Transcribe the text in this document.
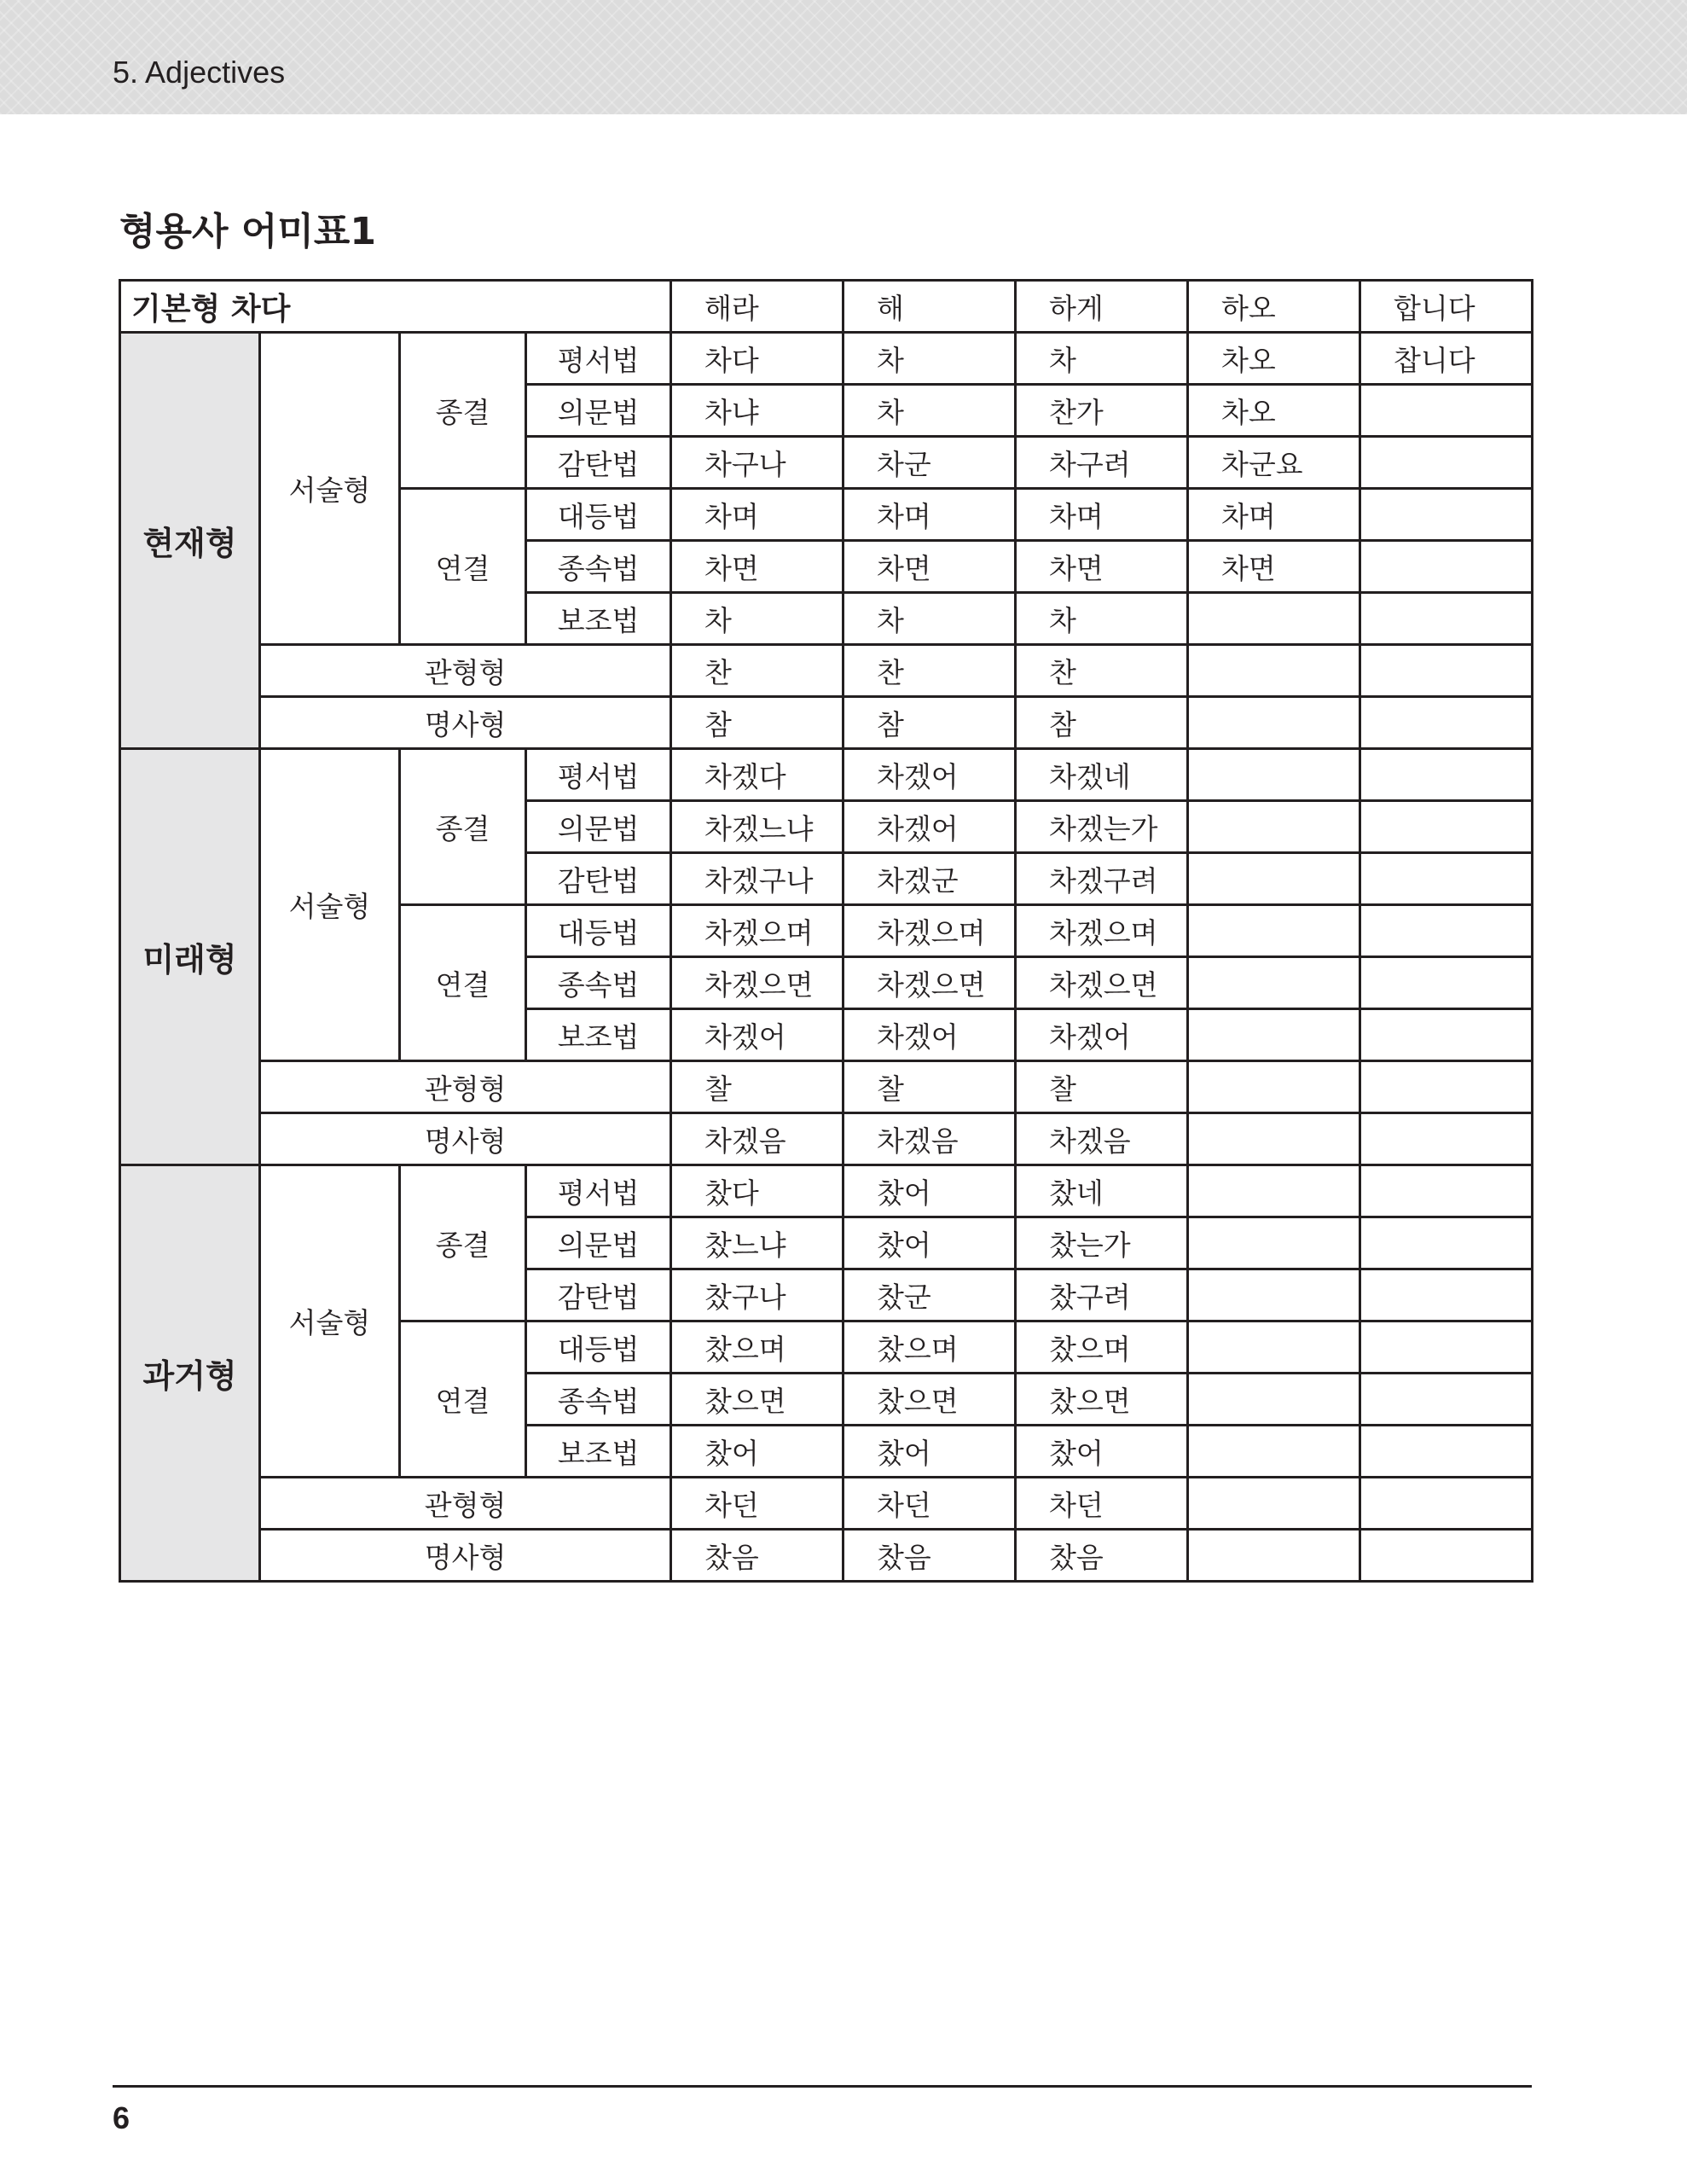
5. Adjectives
형용사 어미표1
기본형 차다				해라	해	하게	하오	합니다
현재형	서술형	종결	평서법	차다	차	차	차오	찹니다
			의문법	차냐	차	찬가	차오	
			감탄법	차구나	차군	차구려	차군요	
		연결	대등법	차며	차며	차며	차며	
			종속법	차면	차면	차면	차면	
			보조법	차	차	차		
	관형형			찬	찬	찬		
	명사형			참	참	참		
미래형	서술형	종결	평서법	차겠다	차겠어	차겠네		
			의문법	차겠느냐	차겠어	차겠는가		
			감탄법	차겠구나	차겠군	차겠구려		
		연결	대등법	차겠으며	차겠으며	차겠으며		
			종속법	차겠으면	차겠으면	차겠으면		
			보조법	차겠어	차겠어	차겠어		
	관형형			찰	찰	찰		
	명사형			차겠음	차겠음	차겠음		
과거형	서술형	종결	평서법	찼다	찼어	찼네		
			의문법	찼느냐	찼어	찼는가		
			감탄법	찼구나	찼군	찼구려		
		연결	대등법	찼으며	찼으며	찼으며		
			종속법	찼으면	찼으면	찼으면		
			보조법	찼어	찼어	찼어		
	관형형			차던	차던	차던		
	명사형			찼음	찼음	찼음		
6
